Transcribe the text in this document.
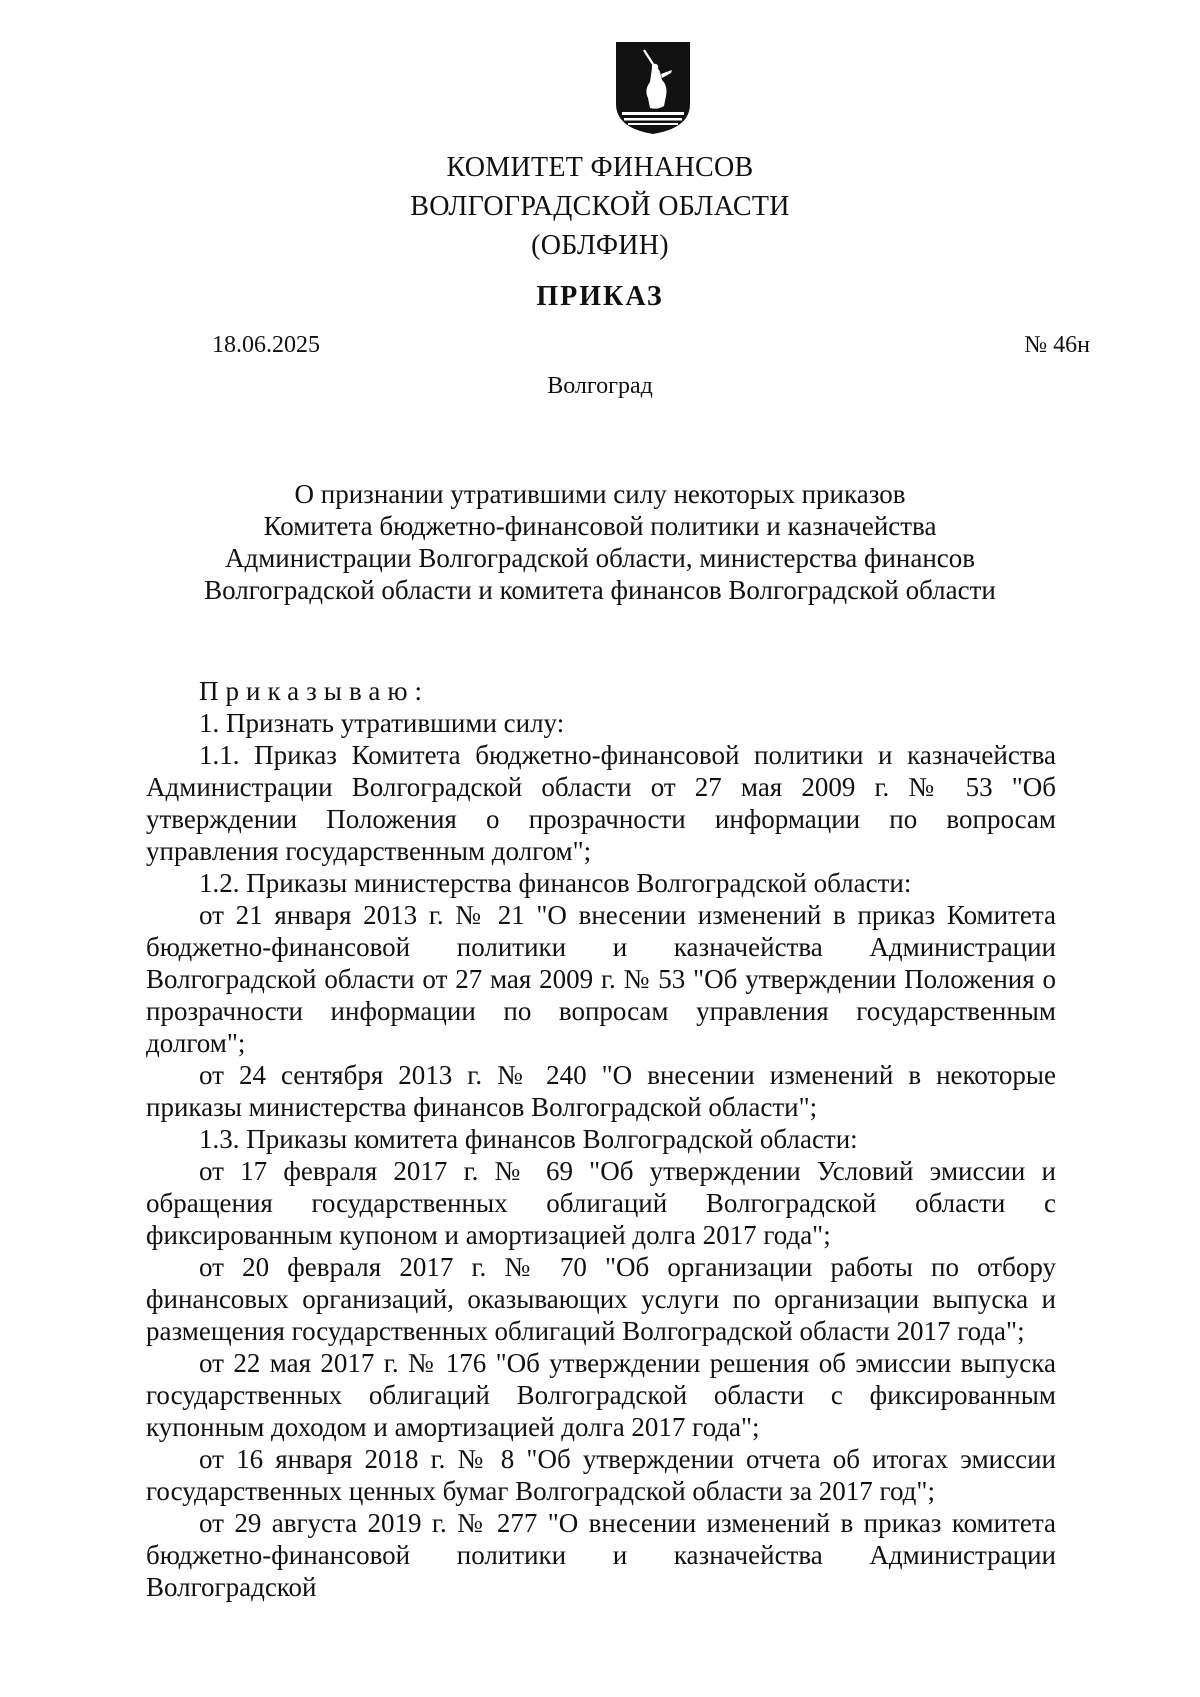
КОМИТЕТ ФИНАНСОВ
ВОЛГОГРАДСКОЙ ОБЛАСТИ
(ОБЛФИН)
ПРИКАЗ
18.06.2025	№ 46н
Волгоград
О признании утратившими силу некоторых приказов
Комитета бюджетно-финансовой политики и казначейства
Администрации Волгоградской области, министерства финансов
Волгоградской области и комитета финансов Волгоградской области

Приказываю:

1. Признать утратившими силу:

1.1. Приказ Комитета бюджетно-финансовой политики и казначейства Администрации Волгоградской области от 27 мая 2009 г. № 53 "Об утверждении Положения о прозрачности информации по вопросам управления государственным долгом";

1.2. Приказы министерства финансов Волгоградской области:

от 21 января 2013 г. № 21 "О внесении изменений в приказ Комитета бюджетно-финансовой политики и казначейства Администрации Волгоградской области от 27 мая 2009 г. № 53 "Об утверждении Положения о прозрачности информации по вопросам управления государственным долгом";

от 24 сентября 2013 г. № 240 "О внесении изменений в некоторые приказы министерства финансов Волгоградской области";

1.3. Приказы комитета финансов Волгоградской области:

от 17 февраля 2017 г. № 69 "Об утверждении Условий эмиссии и обращения государственных облигаций Волгоградской области с фиксированным купоном и амортизацией долга 2017 года";

от 20 февраля 2017 г. № 70 "Об организации работы по отбору финансовых организаций, оказывающих услуги по организации выпуска и размещения государственных облигаций Волгоградской области 2017 года";

от 22 мая 2017 г. № 176 "Об утверждении решения об эмиссии выпуска государственных облигаций Волгоградской области с фиксированным купонным доходом и амортизацией долга 2017 года";

от 16 января 2018 г. № 8 "Об утверждении отчета об итогах эмиссии государственных ценных бумаг Волгоградской области за 2017 год";

от 29 августа 2019 г. № 277 "О внесении изменений в приказ комитета бюджетно-финансовой политики и казначейства Администрации Волгоградской
